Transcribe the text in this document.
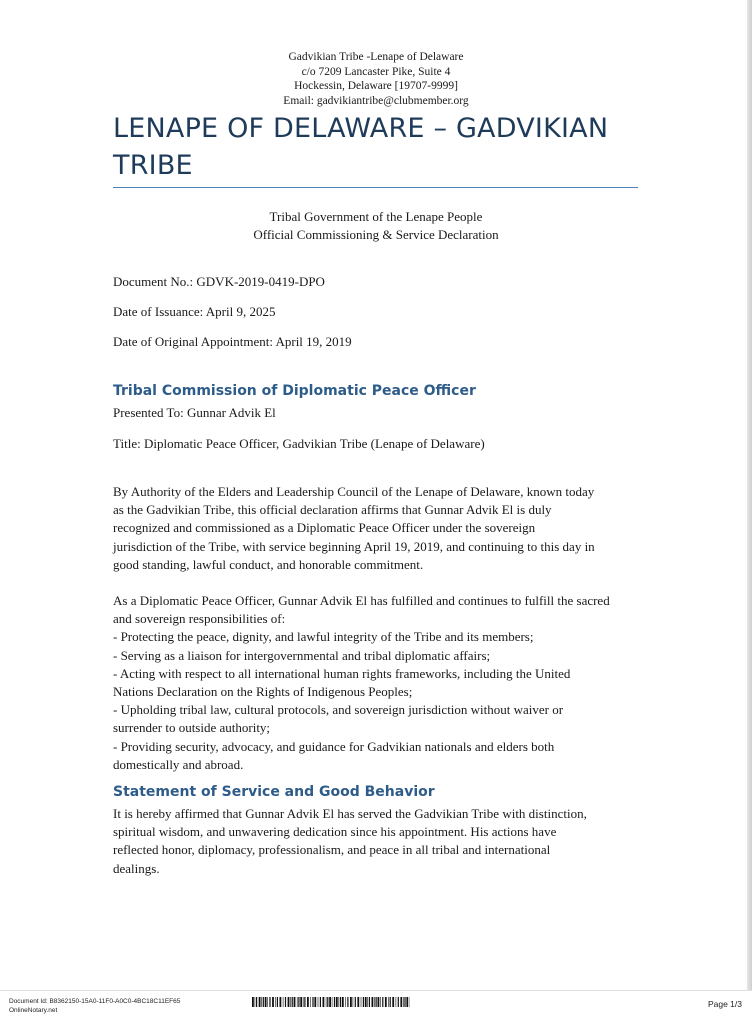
Gadvikian Tribe -Lenape of Delaware
c/o 7209 Lancaster Pike, Suite 4
Hockessin, Delaware [19707-9999]
Email: gadvikiantribe@clubmember.org
LENAPE OF DELAWARE – GADVIKIAN
TRIBE
Tribal Government of the Lenape People
Official Commissioning & Service Declaration
Document No.: GDVK-2019-0419-DPO
Date of Issuance: April 9, 2025
Date of Original Appointment: April 19, 2019
Tribal Commission of Diplomatic Peace Officer
Presented To: Gunnar Advik El
Title: Diplomatic Peace Officer, Gadvikian Tribe (Lenape of Delaware)
By Authority of the Elders and Leadership Council of the Lenape of Delaware, known today
as the Gadvikian Tribe, this official declaration affirms that Gunnar Advik El is duly
recognized and commissioned as a Diplomatic Peace Officer under the sovereign
jurisdiction of the Tribe, with service beginning April 19, 2019, and continuing to this day in
good standing, lawful conduct, and honorable commitment.
As a Diplomatic Peace Officer, Gunnar Advik El has fulfilled and continues to fulfill the sacred
and sovereign responsibilities of:
- Protecting the peace, dignity, and lawful integrity of the Tribe and its members;
- Serving as a liaison for intergovernmental and tribal diplomatic affairs;
- Acting with respect to all international human rights frameworks, including the United
Nations Declaration on the Rights of Indigenous Peoples;
- Upholding tribal law, cultural protocols, and sovereign jurisdiction without waiver or
surrender to outside authority;
- Providing security, advocacy, and guidance for Gadvikian nationals and elders both
domestically and abroad.
Statement of Service and Good Behavior
It is hereby affirmed that Gunnar Advik El has served the Gadvikian Tribe with distinction,
spiritual wisdom, and unwavering dedication since his appointment. His actions have
reflected honor, diplomacy, professionalism, and peace in all tribal and international
dealings.
Document Id: B8362150-15A0-11F0-A0C0-4BC18C11EF65
OnlineNotary.net
Page 1/3
